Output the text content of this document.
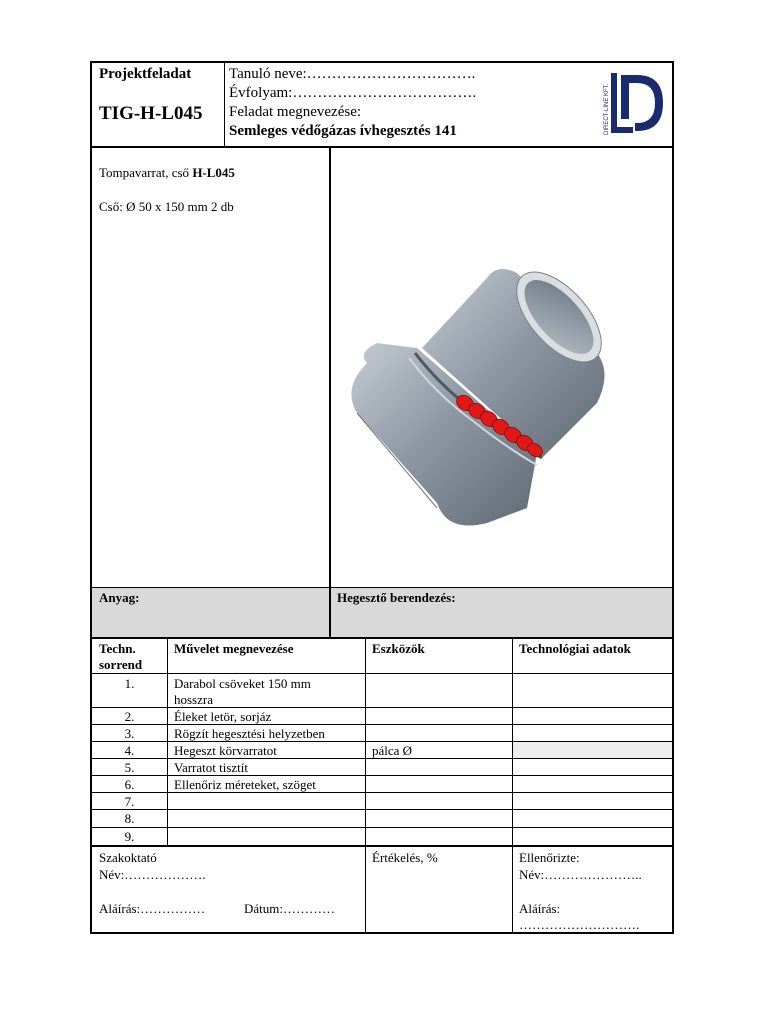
Projektfeladat
TIG-H-L045
Tanuló neve:…………………………….
Évfolyam:……………………………….
Feladat megnevezése:
Semleges védőgázas ívhegesztés 141	DIRECT-LINE KFT.
Tompavarrat, cső H-L045
Cső: Ø 50 x 150 mm 2 db
Anyag:	Hegesztő berendezés:
Techn.
sorrend
Művelet megnevezése	Eszközök	Technológiai adatok
1.	Darabol csöveket 150 mm
hosszra
2.	Éleket letör, sorjáz
3.	Rögzít hegesztési helyzetben
4.	Hegeszt körvarratot	pálca Ø
5.	Varratot tisztít
6.	Ellenőriz méreteket, szöget
7.
8.
9.
Szakoktató
Név:……………….
Aláírás:……………	Dátum:…………
Értékelés, %	Ellenőrizte:
Név:…………………..
Aláírás:
……………………….
